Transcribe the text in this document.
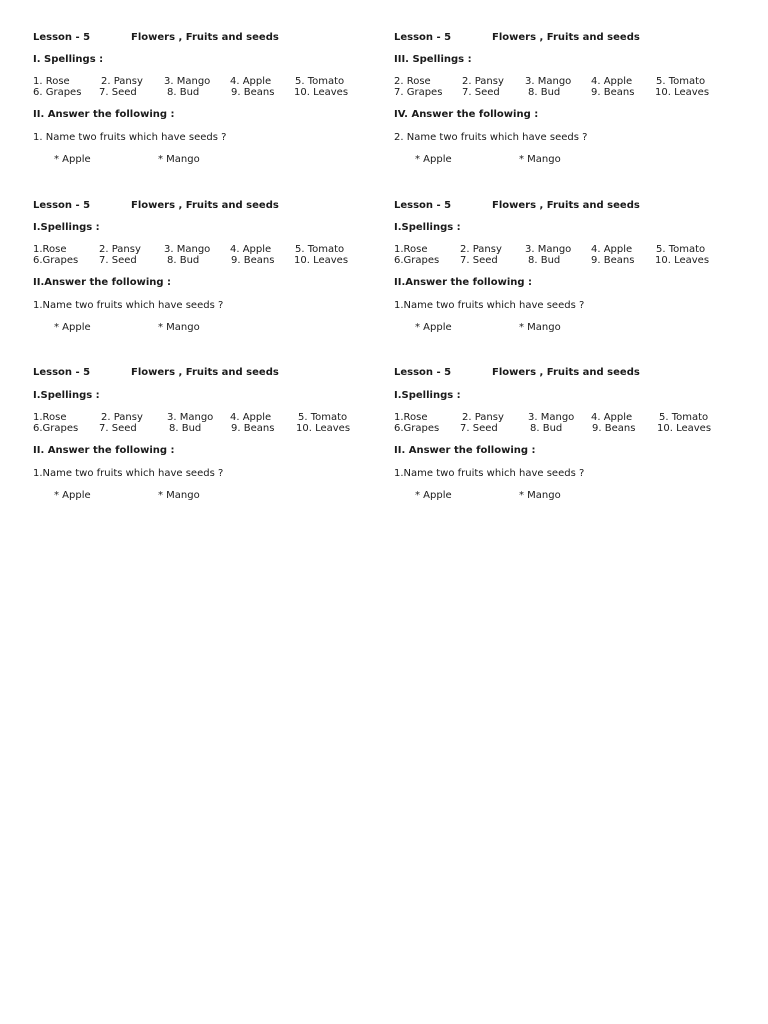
Lesson - 5	Flowers , Fruits and seeds
I. Spellings :
1. Rose	2. Pansy 3. Mango 4. Apple 5. Tomato
6. Grapes 7. Seed	8. Bud	9. Beans 10. Leaves
II. Answer the following :
1. Name two fruits which have seeds ?
* Apple	* Mango
Lesson - 5	Flowers , Fruits and seeds
III. Spellings :
2. Rose	2. Pansy 3. Mango 4. Apple 5. Tomato
7. Grapes 7. Seed	8. Bud	9. Beans 10. Leaves
IV. Answer the following :
2. Name two fruits which have seeds ?
* Apple	* Mango
Lesson - 5	Flowers , Fruits and seeds
I.Spellings :
1.Rose	2. Pansy 3. Mango 4. Apple 5. Tomato
6.Grapes 7. Seed	8. Bud	9. Beans 10. Leaves
II.Answer the following :
1.Name two fruits which have seeds ?
* Apple	* Mango
Lesson - 5	Flowers , Fruits and seeds
I.Spellings :
1.Rose	2. Pansy 3. Mango 4. Apple 5. Tomato
6.Grapes 7. Seed	8. Bud	9. Beans 10. Leaves
II.Answer the following :
1.Name two fruits which have seeds ?
* Apple	* Mango
Lesson - 5	Flowers , Fruits and seeds
I.Spellings :
1.Rose	2. Pansy 3. Mango 4. Apple	5. Tomato
6.Grapes 7. Seed	8. Bud	9. Beans 10. Leaves
II. Answer the following :
1.Name two fruits which have seeds ?
* Apple	* Mango
Lesson - 5	Flowers , Fruits and seeds
I.Spellings :
1.Rose	2. Pansy 3. Mango 4. Apple	5. Tomato
6.Grapes 7. Seed	8. Bud	9. Beans 10. Leaves
II. Answer the following :
1.Name two fruits which have seeds ?
* Apple	* Mango
